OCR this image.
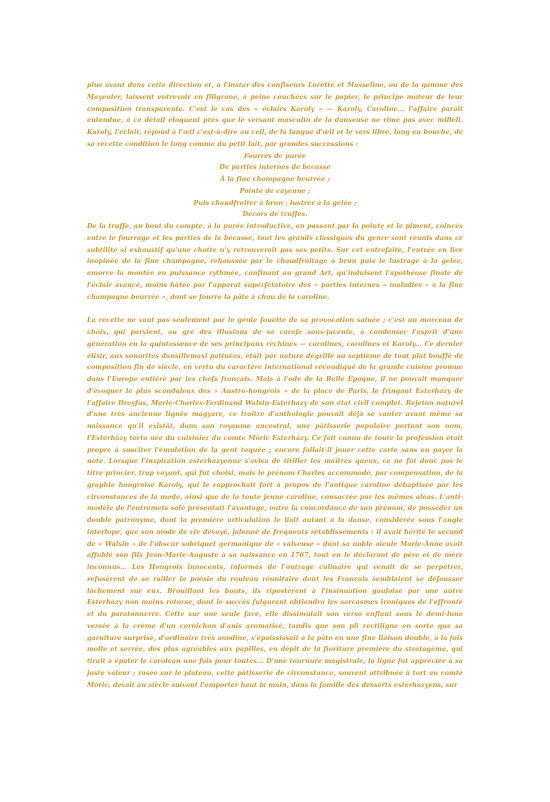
plus avant dans cette direction et, à l'instar des confiseurs Lorette et Masseline, ou de la gamme des Mayeuler, laissent entrevoir en filigrane, à peine couchées sur le papier, le principe moteur de leur composition transparente. C'est le cas des « éclairs Karoly » — Karoly, Caroline... l'affaire paraît entendue, à ce détail éloquent près que le versant masculin de la danseuse ne rime pas avec milleli. Karoly, l'éclair, répond à l'œil c'est-à-dire au ceil, de la langue d'œil et le vers libre, long en bouche, de sa recette condition le long comme du petit lait, par grandes successions :

Fourrés de purée
De parties internes de bécasse
À la fine champagne beurrée ;
Pointe de cayenne ;
Puis chaudfroiter à brun ; lustrer à la gelée ;
Décors de truffes.

De la truffe, au bout du compte, à la purée introductive, en passant par la pointe et le piment, coincés entre le fourrage et les parties de la bécasse, tout les grands classiques du genre sont réunis dans ce subtilité si exhaustif qu'une chatte n'y retrouverait pas ses petits. Sur cet entrefaite, l'entrée en lice inopinée de la fine champagne, rehaussée par le chaudfroitage à brun puis le lustrage à la gelée, amorce la montée en puissance rythmée, confinant au grand Art, qu'induisent l'apothéose finale de l'éclair avancé, moins hâtée par l'apparat superfétatoire des « parties internes » maladies « à la fine champagne beurrée », dont se fourre la pâte à chou de la caroline.

La recette ne vaut pas seulement par le génie fouetté de sa provocation saluée ; c'est un morceau de choix, qui parvient, au gré des illusions de sa carafe sous-jacente, à condenser l'esprit d'une génération en la quintessence de ses principaux rechinés — carolines, carolines et Karoly... Ce dernier élixir, aux sonorités dansillemaxi patinées, était par nature dégrillé au septième de tout plat bouffé de composition fin de siècle, en vertu du caractère international recoudiqué de la grande cuisine promue dans l'Europe entière par les chefs français. Mais à l'ode de la Belle Époque, il ne pouvait manquer d'évoquer le plus scandaleux des « Austro-hongrois » de la place de Paris, le fringant Esterhazy de l'affaire Dreyfus, Marie-Charles-Ferdinand Walsin-Esterhazy de son état civil complet. Rejeton naturel d'une très ancienne lignée magyare, ce traître d'anthologie pouvait déjà se vanter avant même sa naissance qu'il existât, dans son royaume ancestral, une pâtisserie populaire portant son nom, l'Esterházy torta née du cuisinier du comte Móric Esterházy. Ce fait connu de toute la profession était propre à susciter l'émulation de la gent toquée ; encore fallait-il jouer cette carte sans en payer la note. Lorsque l'inspiration esterhazyenne s'avisa de titiller les maîtres queux, ce ne fut donc pas le titre princier, trop voyant, qui fut choisi, mais le prénom Charles accommodé, par compensation, de la graphie hongroise Károly, qui le rapprochait fort à propos de l'antique caroline débaptisée par les circonstances de la mode, ainsi que de la toute jeune caroline, consacrée par les mêmes aléas. L'anti-modèle de l'entremets salé présentait l'avantage, outre la concordance de son prénom, de posséder un double patronyme, dont la première articulation le liait autant à la danse, considérée sous l'angle interlope, que son mode de vie dévoyé, jalonné de fréquents rétablissements : il avait hérité le second de « Walsin » de l'obscur sobriquet germanique de « valseuse » dont sa noble aïeule Marie-Anne avait affublé son fils Jean-Marie-Auguste à sa naissance en 1767, tout en le déclarant de père et de mère inconnus... Les Hongrois innocents, informés de l'outrage culinaire qui venait de se perpétrer, refusèrent de se railler la poésie du rouleau réunitaire dont les Français semblaient se défausser lâchement sur eux. Brouillant les bouts, ils ripostèrent à l'insinuation gauloise par une autre Esterházy non moins retorse, dont le succès fulgurant obtiendra les sarcasmes ironiques de l'effronté et du paratonnerre. Cette sur une seule face, elle dissimulait son verso enflant sous le demi-lune versée à la crème d'un cornichon d'anis aromatisé, tandis que son pli rectiligne en sorte que sa garniture surprise, d'ordinaire très anodine, s'épaississait à la pâte en une fine liaison double, à la fois molle et serrée, des plus agréables aux papilles, en dépit de la fioriture première du stratagème, qui tirait à épater le carolean une fois pour toutes... D'une tournure magistrale, la ligne fut appréciée à sa juste valeur ; rasée sur le plateau, cette pâtisserie de circonstance, souvent attribuée à tort au comte Móric, devait au siècle suivant l'emporter haut la main, dans la famille des desserts esterhazyens, sur
